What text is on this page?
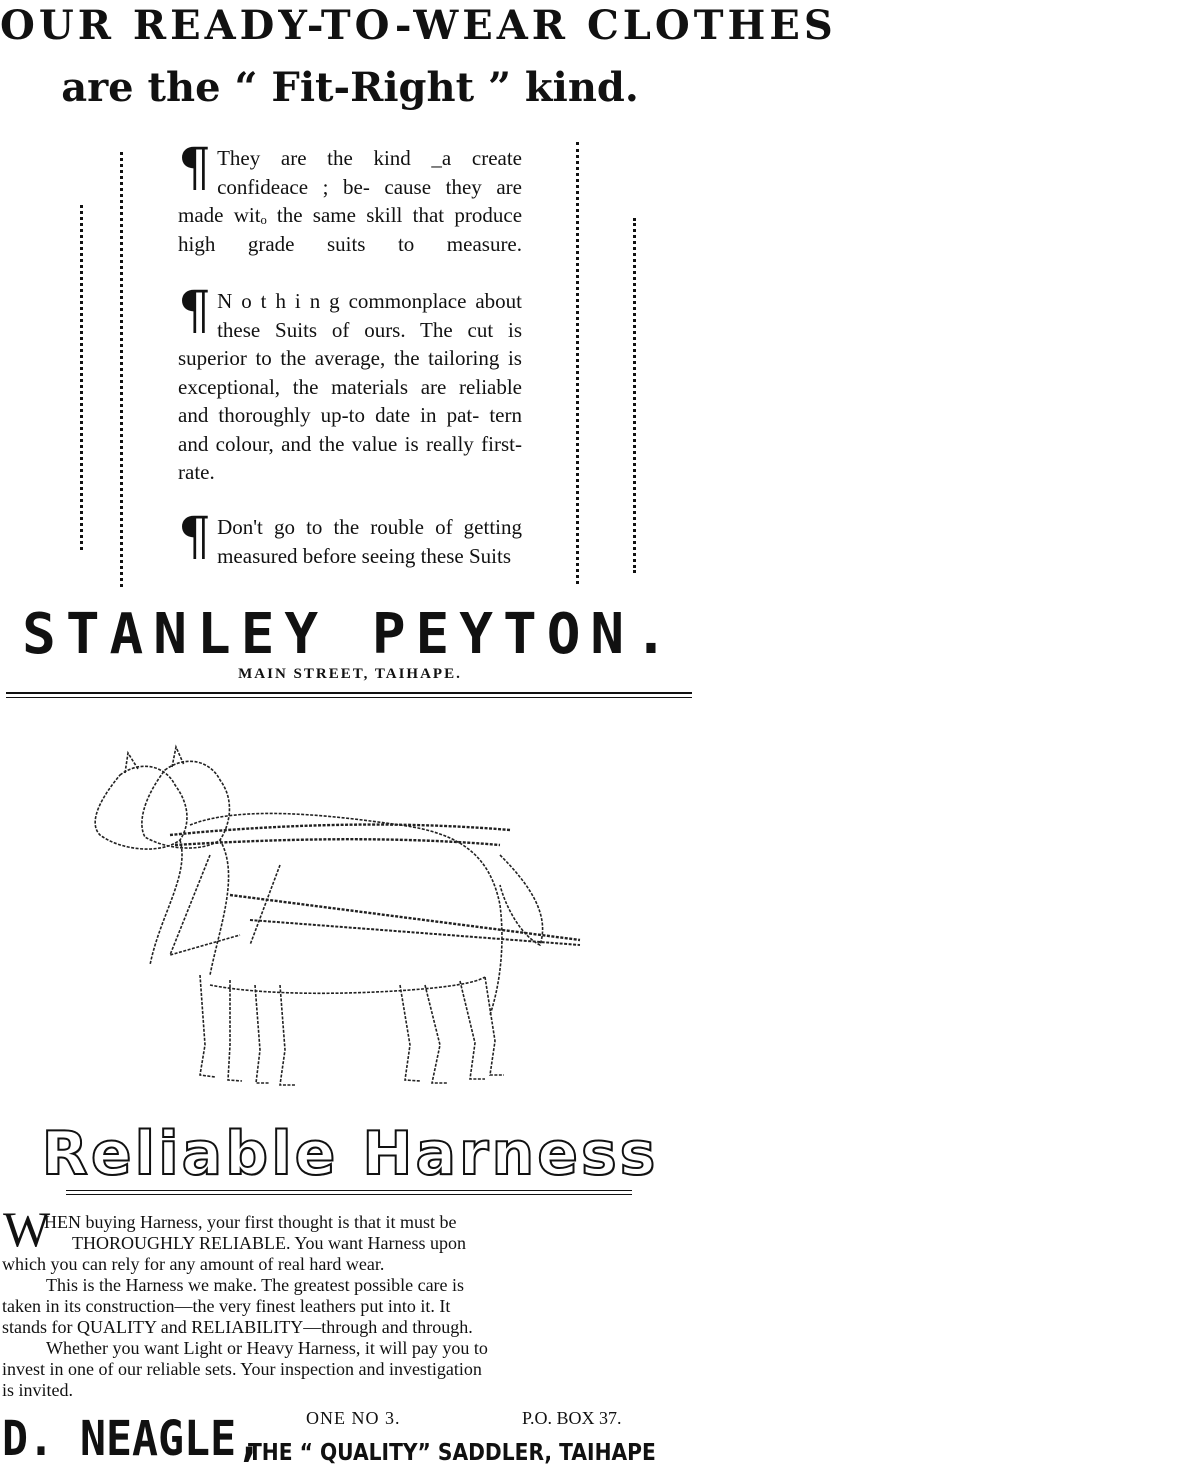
OUR READY-TO-WEAR CLOTHES
are the “ Fit-Right ” kind.
¶ They are the kind _a create confideace ; be- cause they are made witₒ the same skill that produce high grade suits to measure.
¶ N o t h i n g commonplace about these Suits of ours. The cut is superior to the average, the tailoring is exceptional, the materials are reliable and thoroughly up-to date in pat- tern and colour, and the value is really first-rate.
¶ Don't go to the rouble of getting measured before seeing these Suits
STANLEY PEYTON.
MAIN STREET, TAIHAPE.
Reliable Harness
W
HEN buying Harness, your first thought is that it must be
THOROUGHLY RELIABLE. You want Harness upon
which you can rely for any amount of real hard wear.
This is the Harness we make. The greatest possible care is
taken in its construction—the very finest leathers put into it. It
stands for QUALITY and RELIABILITY—through and through.
Whether you want Light or Heavy Harness, it will pay you to
invest in one of our reliable sets. Your inspection and investigation
is invited.
D. NEAGLE, ONE NO 3.	P.O. BOX 37.
THE “ QUALITY” SADDLER, TAIHAPE
